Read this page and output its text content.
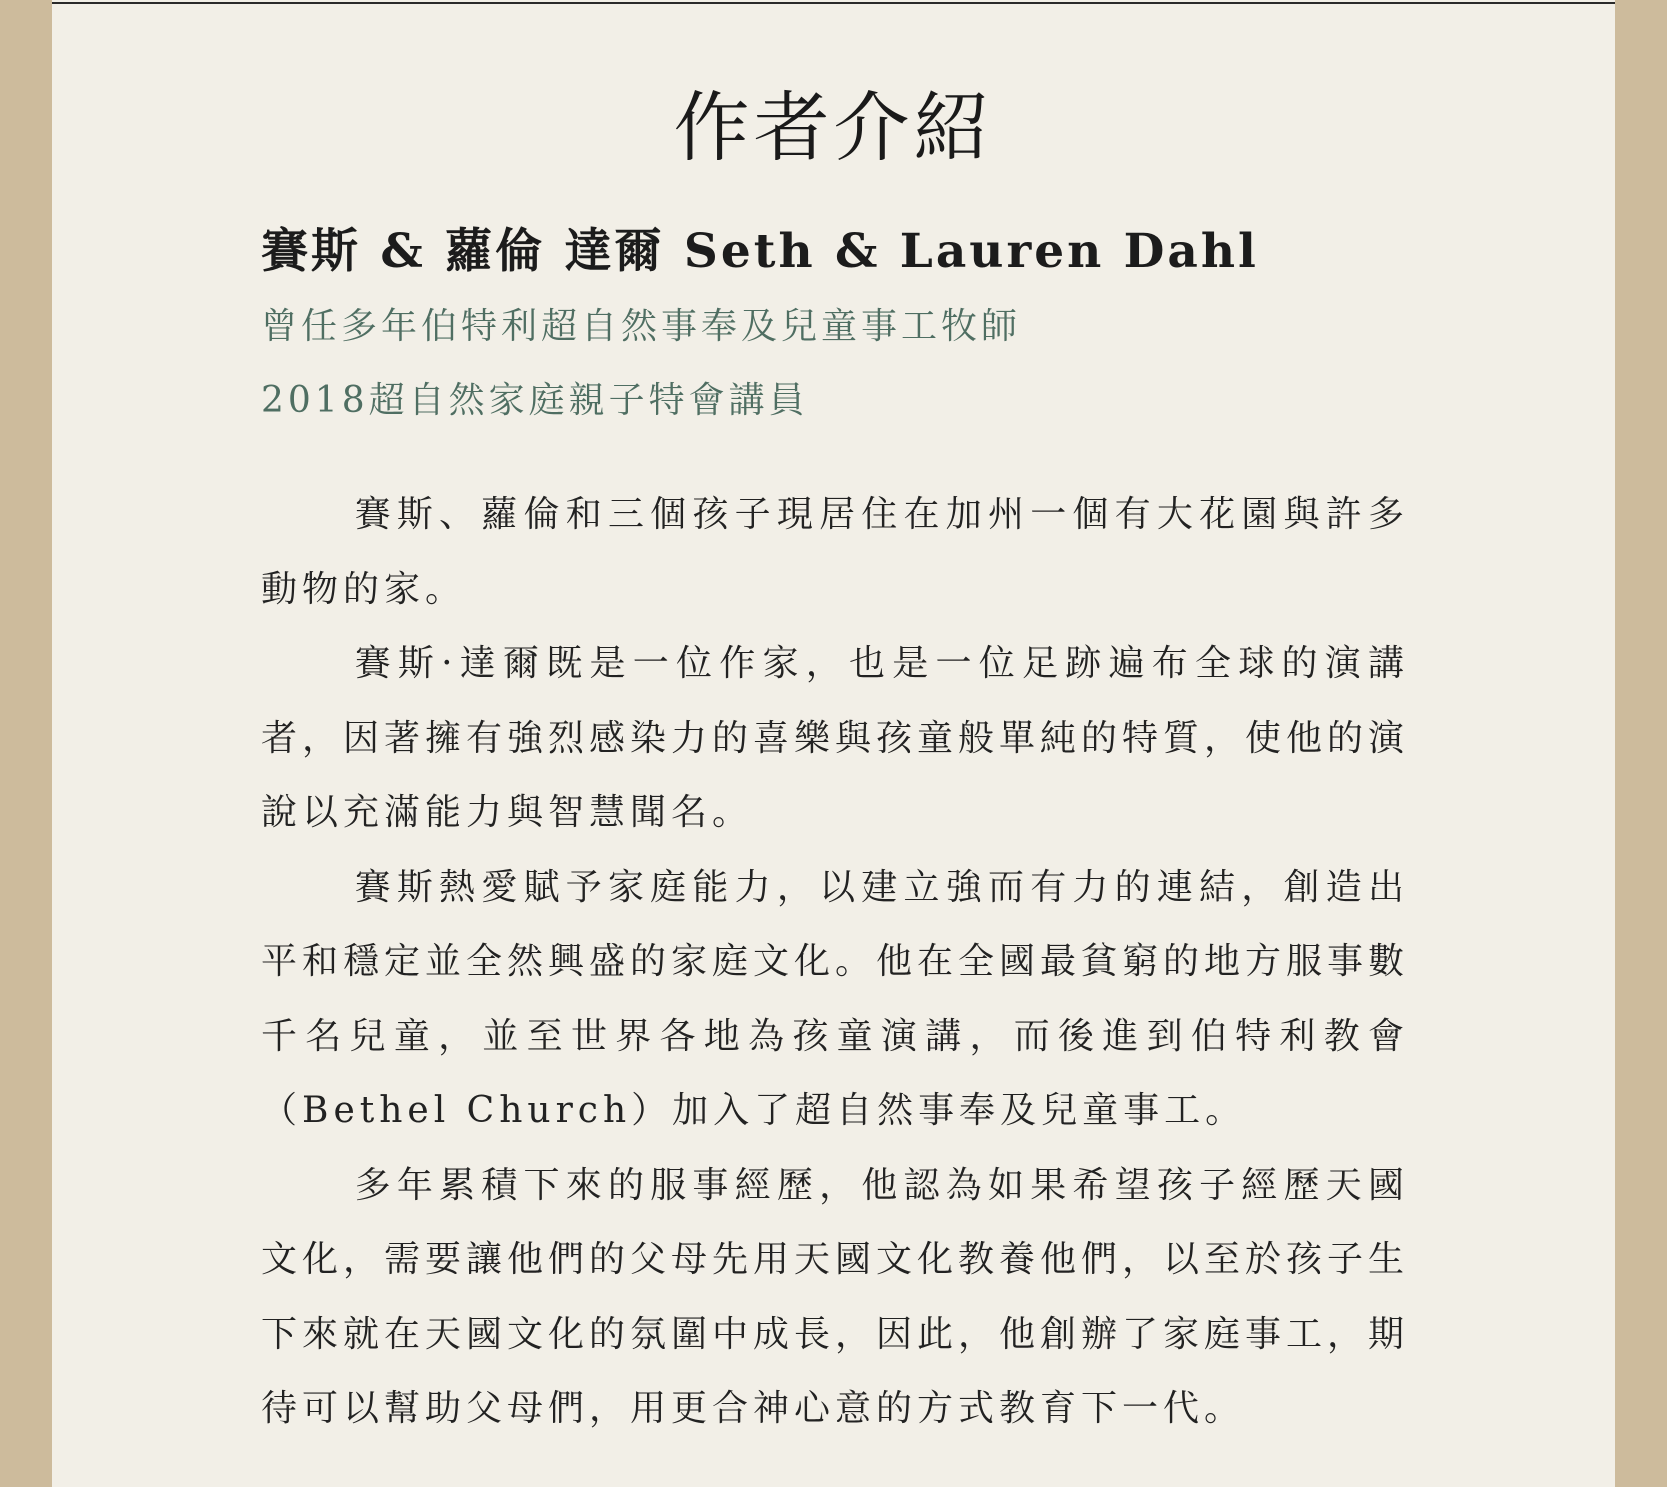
作者介紹
賽斯 & 蘿倫 達爾 Seth & Lauren Dahl

曾任多年伯特利超自然事奉及兒童事工牧師

2018超自然家庭親子特會講員

賽斯、蘿倫和三個孩子現居住在加州一個有大花園與許多動物的家。

賽斯·達爾既是一位作家，也是一位足跡遍布全球的演講者，因著擁有強烈感染力的喜樂與孩童般單純的特質，使他的演說以充滿能力與智慧聞名。

賽斯熱愛賦予家庭能力，以建立強而有力的連結，創造出平和穩定並全然興盛的家庭文化。他在全國最貧窮的地方服事數千名兒童，並至世界各地為孩童演講，而後進到伯特利教會（Bethel Church）加入了超自然事奉及兒童事工。

多年累積下來的服事經歷，他認為如果希望孩子經歷天國文化，需要讓他們的父母先用天國文化教養他們，以至於孩子生下來就在天國文化的氛圍中成長，因此，他創辦了家庭事工，期待可以幫助父母們，用更合神心意的方式教育下一代。
